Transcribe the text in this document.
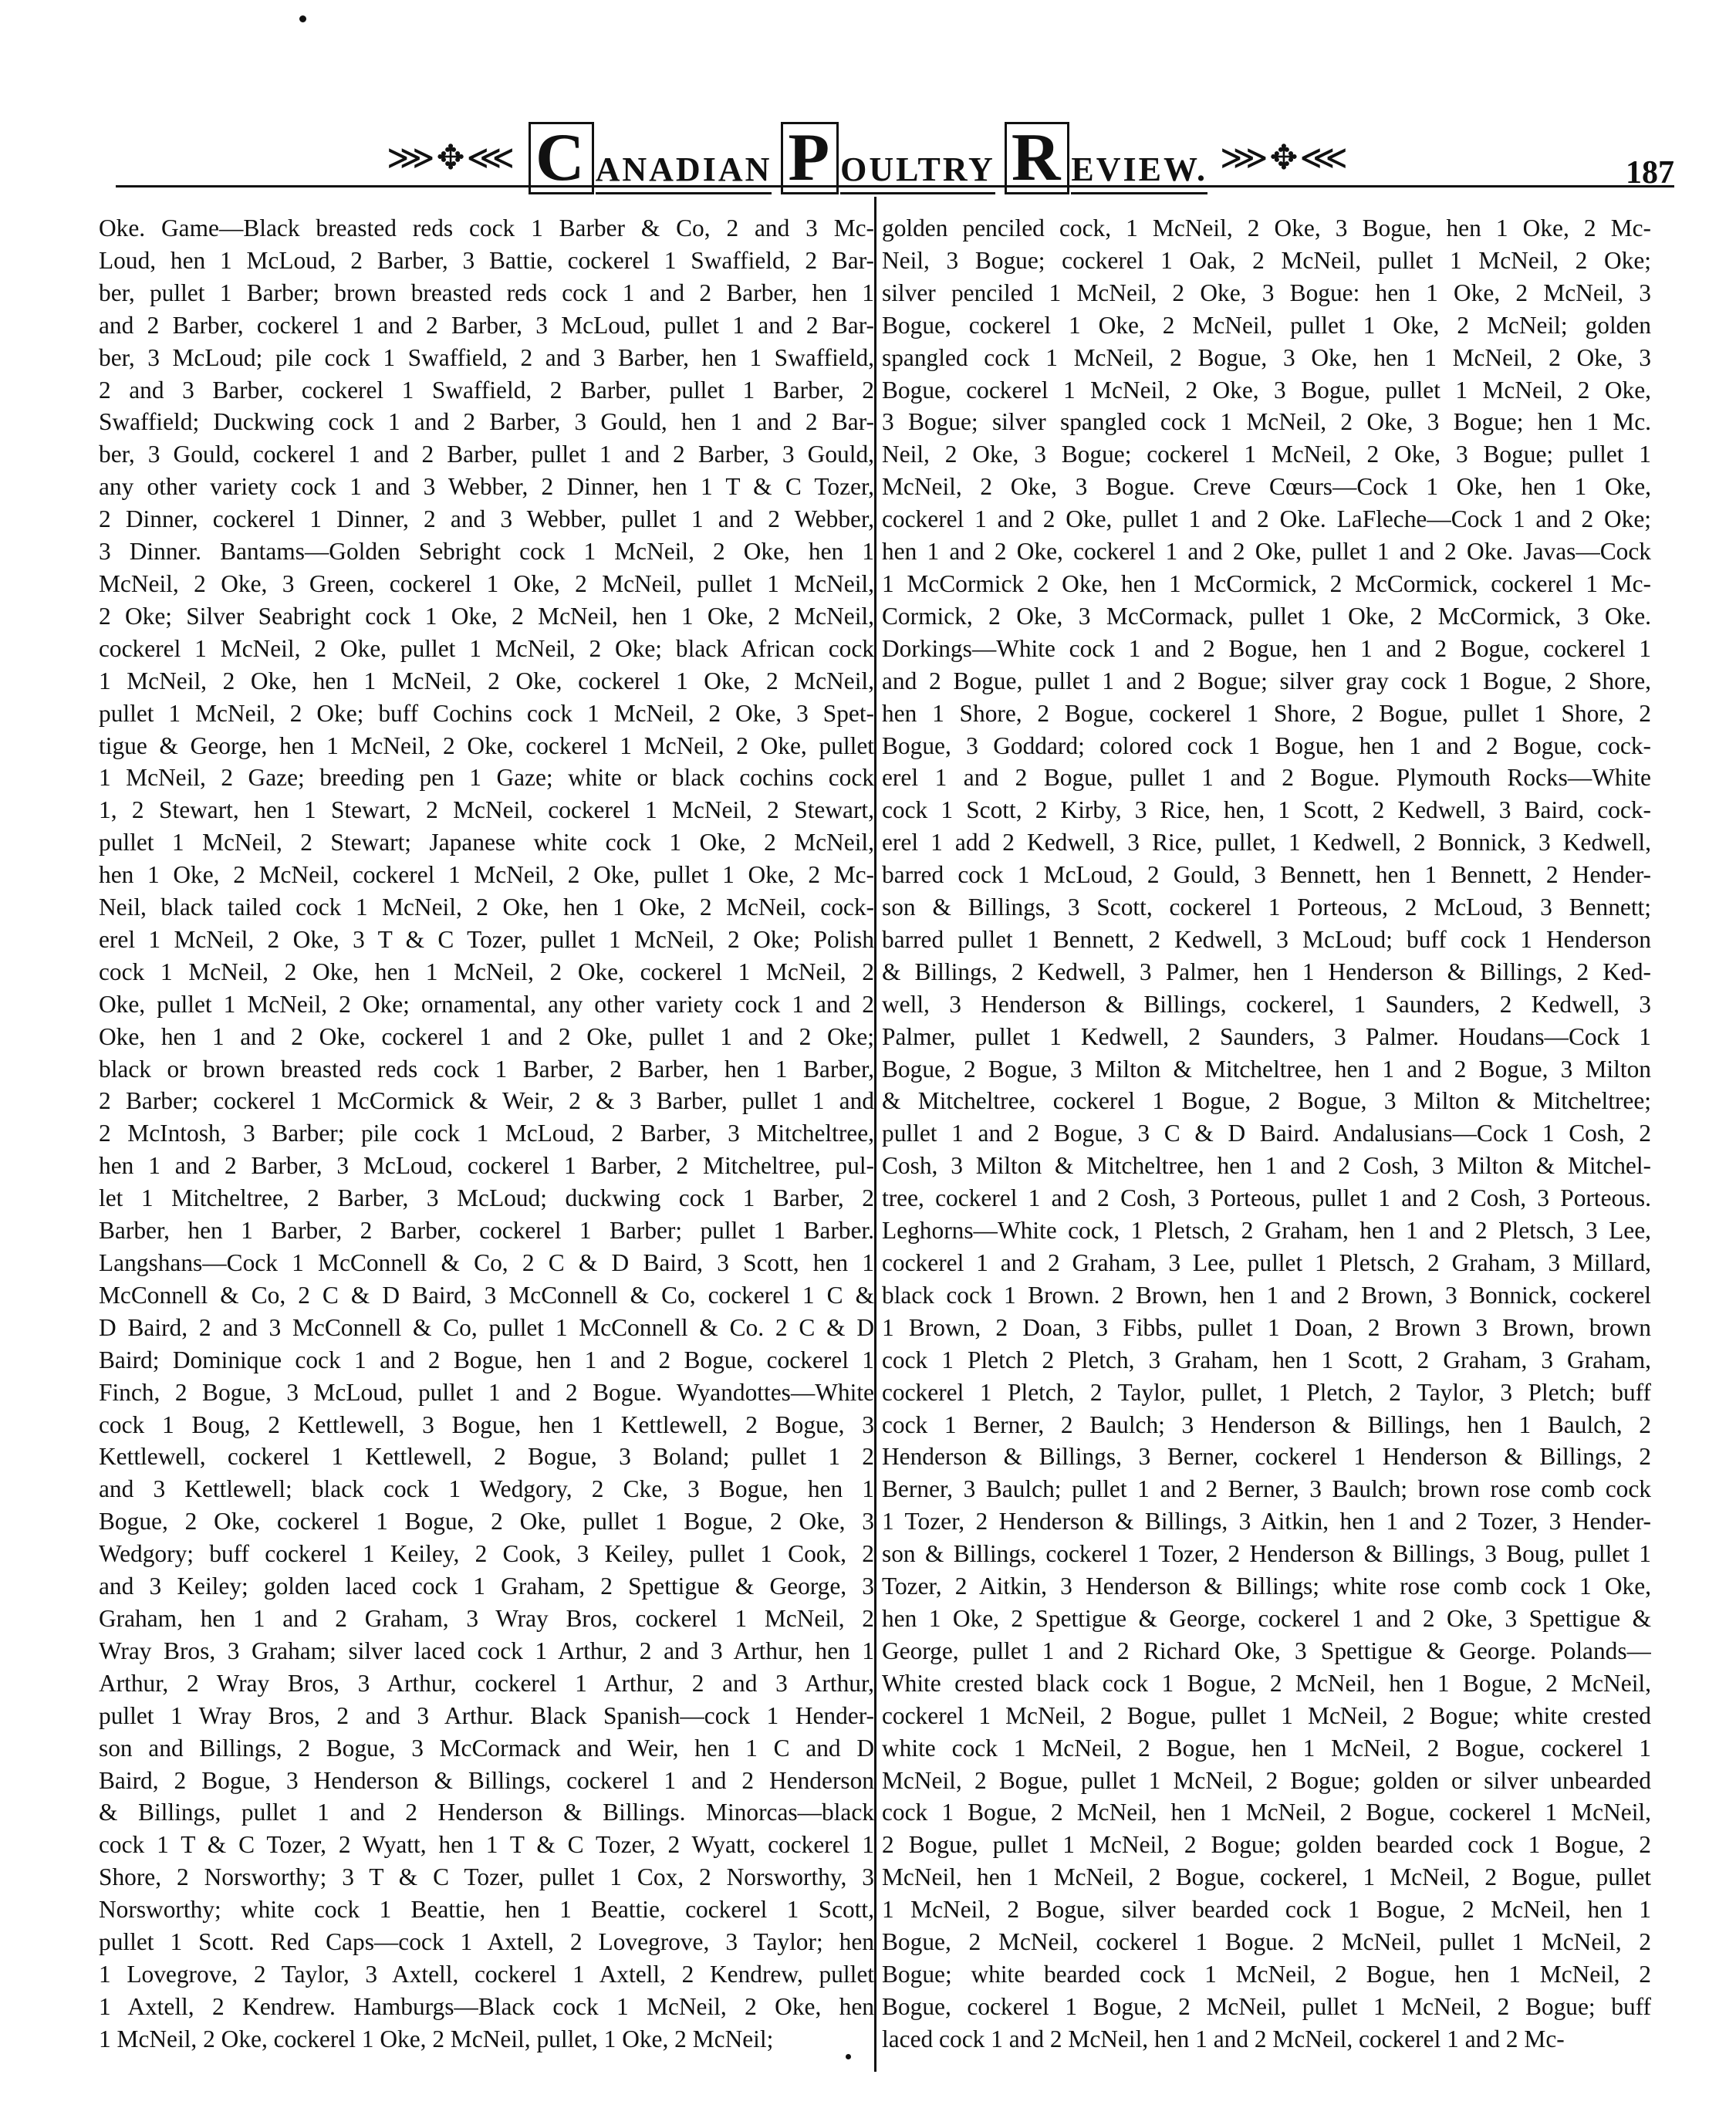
⋙✥⋘ C ANADIAN P OULTRY R EVIEW. ⋙✥⋘	187
Oke. Game—Black breasted reds cock 1 Barber & Co, 2 and 3 Mc-
Loud, hen 1 McLoud, 2 Barber, 3 Battie, cockerel 1 Swaffield, 2 Bar-
ber, pullet 1 Barber; brown breasted reds cock 1 and 2 Barber, hen 1
and 2 Barber, cockerel 1 and 2 Barber, 3 McLoud, pullet 1 and 2 Bar-
ber, 3 McLoud; pile cock 1 Swaffield, 2 and 3 Barber, hen 1 Swaffield,
2 and 3 Barber, cockerel 1 Swaffield, 2 Barber, pullet 1 Barber, 2
Swaffield; Duckwing cock 1 and 2 Barber, 3 Gould, hen 1 and 2 Bar-
ber, 3 Gould, cockerel 1 and 2 Barber, pullet 1 and 2 Barber, 3 Gould,
any other variety cock 1 and 3 Webber, 2 Dinner, hen 1 T & C Tozer,
2 Dinner, cockerel 1 Dinner, 2 and 3 Webber, pullet 1 and 2 Webber,
3 Dinner. Bantams—Golden Sebright cock 1 McNeil, 2 Oke, hen 1
McNeil, 2 Oke, 3 Green, cockerel 1 Oke, 2 McNeil, pullet 1 McNeil,
2 Oke; Silver Seabright cock 1 Oke, 2 McNeil, hen 1 Oke, 2 McNeil,
cockerel 1 McNeil, 2 Oke, pullet 1 McNeil, 2 Oke; black African cock
1 McNeil, 2 Oke, hen 1 McNeil, 2 Oke, cockerel 1 Oke, 2 McNeil,
pullet 1 McNeil, 2 Oke; buff Cochins cock 1 McNeil, 2 Oke, 3 Spet-
tigue & George, hen 1 McNeil, 2 Oke, cockerel 1 McNeil, 2 Oke, pullet
1 McNeil, 2 Gaze; breeding pen 1 Gaze; white or black cochins cock
1, 2 Stewart, hen 1 Stewart, 2 McNeil, cockerel 1 McNeil, 2 Stewart,
pullet 1 McNeil, 2 Stewart; Japanese white cock 1 Oke, 2 McNeil,
hen 1 Oke, 2 McNeil, cockerel 1 McNeil, 2 Oke, pullet 1 Oke, 2 Mc-
Neil, black tailed cock 1 McNeil, 2 Oke, hen 1 Oke, 2 McNeil, cock-
erel 1 McNeil, 2 Oke, 3 T & C Tozer, pullet 1 McNeil, 2 Oke; Polish
cock 1 McNeil, 2 Oke, hen 1 McNeil, 2 Oke, cockerel 1 McNeil, 2
Oke, pullet 1 McNeil, 2 Oke; ornamental, any other variety cock 1 and 2
Oke, hen 1 and 2 Oke, cockerel 1 and 2 Oke, pullet 1 and 2 Oke;
black or brown breasted reds cock 1 Barber, 2 Barber, hen 1 Barber,
2 Barber; cockerel 1 McCormick & Weir, 2 & 3 Barber, pullet 1 and
2 McIntosh, 3 Barber; pile cock 1 McLoud, 2 Barber, 3 Mitcheltree,
hen 1 and 2 Barber, 3 McLoud, cockerel 1 Barber, 2 Mitcheltree, pul-
let 1 Mitcheltree, 2 Barber, 3 McLoud; duckwing cock 1 Barber, 2
Barber, hen 1 Barber, 2 Barber, cockerel 1 Barber; pullet 1 Barber.
Langshans—Cock 1 McConnell & Co, 2 C & D Baird, 3 Scott, hen 1
McConnell & Co, 2 C & D Baird, 3 McConnell & Co, cockerel 1 C &
D Baird, 2 and 3 McConnell & Co, pullet 1 McConnell & Co. 2 C & D
Baird; Dominique cock 1 and 2 Bogue, hen 1 and 2 Bogue, cockerel 1
Finch, 2 Bogue, 3 McLoud, pullet 1 and 2 Bogue. Wyandottes—White
cock 1 Boug, 2 Kettlewell, 3 Bogue, hen 1 Kettlewell, 2 Bogue, 3
Kettlewell, cockerel 1 Kettlewell, 2 Bogue, 3 Boland; pullet 1 2
and 3 Kettlewell; black cock 1 Wedgory, 2 Cke, 3 Bogue, hen 1
Bogue, 2 Oke, cockerel 1 Bogue, 2 Oke, pullet 1 Bogue, 2 Oke, 3
Wedgory; buff cockerel 1 Keiley, 2 Cook, 3 Keiley, pullet 1 Cook, 2
and 3 Keiley; golden laced cock 1 Graham, 2 Spettigue & George, 3
Graham, hen 1 and 2 Graham, 3 Wray Bros, cockerel 1 McNeil, 2
Wray Bros, 3 Graham; silver laced cock 1 Arthur, 2 and 3 Arthur, hen 1
Arthur, 2 Wray Bros, 3 Arthur, cockerel 1 Arthur, 2 and 3 Arthur,
pullet 1 Wray Bros, 2 and 3 Arthur. Black Spanish—cock 1 Hender-
son and Billings, 2 Bogue, 3 McCormack and Weir, hen 1 C and D
Baird, 2 Bogue, 3 Henderson & Billings, cockerel 1 and 2 Henderson
& Billings, pullet 1 and 2 Henderson & Billings. Minorcas—black
cock 1 T & C Tozer, 2 Wyatt, hen 1 T & C Tozer, 2 Wyatt, cockerel 1
Shore, 2 Norsworthy; 3 T & C Tozer, pullet 1 Cox, 2 Norsworthy, 3
Norsworthy; white cock 1 Beattie, hen 1 Beattie, cockerel 1 Scott,
pullet 1 Scott. Red Caps—cock 1 Axtell, 2 Lovegrove, 3 Taylor; hen
1 Lovegrove, 2 Taylor, 3 Axtell, cockerel 1 Axtell, 2 Kendrew, pullet
1 Axtell, 2 Kendrew. Hamburgs—Black cock 1 McNeil, 2 Oke, hen
1 McNeil, 2 Oke, cockerel 1 Oke, 2 McNeil, pullet, 1 Oke, 2 McNeil;
golden penciled cock, 1 McNeil, 2 Oke, 3 Bogue, hen 1 Oke, 2 Mc-
Neil, 3 Bogue; cockerel 1 Oak, 2 McNeil, pullet 1 McNeil, 2 Oke;
silver penciled 1 McNeil, 2 Oke, 3 Bogue: hen 1 Oke, 2 McNeil, 3
Bogue, cockerel 1 Oke, 2 McNeil, pullet 1 Oke, 2 McNeil; golden
spangled cock 1 McNeil, 2 Bogue, 3 Oke, hen 1 McNeil, 2 Oke, 3
Bogue, cockerel 1 McNeil, 2 Oke, 3 Bogue, pullet 1 McNeil, 2 Oke,
3 Bogue; silver spangled cock 1 McNeil, 2 Oke, 3 Bogue; hen 1 Mc.
Neil, 2 Oke, 3 Bogue; cockerel 1 McNeil, 2 Oke, 3 Bogue; pullet 1
McNeil, 2 Oke, 3 Bogue. Creve Cœurs—Cock 1 Oke, hen 1 Oke,
cockerel 1 and 2 Oke, pullet 1 and 2 Oke. LaFleche—Cock 1 and 2 Oke;
hen 1 and 2 Oke, cockerel 1 and 2 Oke, pullet 1 and 2 Oke. Javas—Cock
1 McCormick 2 Oke, hen 1 McCormick, 2 McCormick, cockerel 1 Mc-
Cormick, 2 Oke, 3 McCormack, pullet 1 Oke, 2 McCormick, 3 Oke.
Dorkings—White cock 1 and 2 Bogue, hen 1 and 2 Bogue, cockerel 1
and 2 Bogue, pullet 1 and 2 Bogue; silver gray cock 1 Bogue, 2 Shore,
hen 1 Shore, 2 Bogue, cockerel 1 Shore, 2 Bogue, pullet 1 Shore, 2
Bogue, 3 Goddard; colored cock 1 Bogue, hen 1 and 2 Bogue, cock-
erel 1 and 2 Bogue, pullet 1 and 2 Bogue. Plymouth Rocks—White
cock 1 Scott, 2 Kirby, 3 Rice, hen, 1 Scott, 2 Kedwell, 3 Baird, cock-
erel 1 add 2 Kedwell, 3 Rice, pullet, 1 Kedwell, 2 Bonnick, 3 Kedwell,
barred cock 1 McLoud, 2 Gould, 3 Bennett, hen 1 Bennett, 2 Hender-
son & Billings, 3 Scott, cockerel 1 Porteous, 2 McLoud, 3 Bennett;
barred pullet 1 Bennett, 2 Kedwell, 3 McLoud; buff cock 1 Henderson
& Billings, 2 Kedwell, 3 Palmer, hen 1 Henderson & Billings, 2 Ked-
well, 3 Henderson & Billings, cockerel, 1 Saunders, 2 Kedwell, 3
Palmer, pullet 1 Kedwell, 2 Saunders, 3 Palmer. Houdans—Cock 1
Bogue, 2 Bogue, 3 Milton & Mitcheltree, hen 1 and 2 Bogue, 3 Milton
& Mitcheltree, cockerel 1 Bogue, 2 Bogue, 3 Milton & Mitcheltree;
pullet 1 and 2 Bogue, 3 C & D Baird. Andalusians—Cock 1 Cosh, 2
Cosh, 3 Milton & Mitcheltree, hen 1 and 2 Cosh, 3 Milton & Mitchel-
tree, cockerel 1 and 2 Cosh, 3 Porteous, pullet 1 and 2 Cosh, 3 Porteous.
Leghorns—White cock, 1 Pletsch, 2 Graham, hen 1 and 2 Pletsch, 3 Lee,
cockerel 1 and 2 Graham, 3 Lee, pullet 1 Pletsch, 2 Graham, 3 Millard,
black cock 1 Brown. 2 Brown, hen 1 and 2 Brown, 3 Bonnick, cockerel
1 Brown, 2 Doan, 3 Fibbs, pullet 1 Doan, 2 Brown 3 Brown, brown
cock 1 Pletch 2 Pletch, 3 Graham, hen 1 Scott, 2 Graham, 3 Graham,
cockerel 1 Pletch, 2 Taylor, pullet, 1 Pletch, 2 Taylor, 3 Pletch; buff
cock 1 Berner, 2 Baulch; 3 Henderson & Billings, hen 1 Baulch, 2
Henderson & Billings, 3 Berner, cockerel 1 Henderson & Billings, 2
Berner, 3 Baulch; pullet 1 and 2 Berner, 3 Baulch; brown rose comb cock
1 Tozer, 2 Henderson & Billings, 3 Aitkin, hen 1 and 2 Tozer, 3 Hender-
son & Billings, cockerel 1 Tozer, 2 Henderson & Billings, 3 Boug, pullet 1
Tozer, 2 Aitkin, 3 Henderson & Billings; white rose comb cock 1 Oke,
hen 1 Oke, 2 Spettigue & George, cockerel 1 and 2 Oke, 3 Spettigue &
George, pullet 1 and 2 Richard Oke, 3 Spettigue & George. Polands—
White crested black cock 1 Bogue, 2 McNeil, hen 1 Bogue, 2 McNeil,
cockerel 1 McNeil, 2 Bogue, pullet 1 McNeil, 2 Bogue; white crested
white cock 1 McNeil, 2 Bogue, hen 1 McNeil, 2 Bogue, cockerel 1
McNeil, 2 Bogue, pullet 1 McNeil, 2 Bogue; golden or silver unbearded
cock 1 Bogue, 2 McNeil, hen 1 McNeil, 2 Bogue, cockerel 1 McNeil,
2 Bogue, pullet 1 McNeil, 2 Bogue; golden bearded cock 1 Bogue, 2
McNeil, hen 1 McNeil, 2 Bogue, cockerel, 1 McNeil, 2 Bogue, pullet
1 McNeil, 2 Bogue, silver bearded cock 1 Bogue, 2 McNeil, hen 1
Bogue, 2 McNeil, cockerel 1 Bogue. 2 McNeil, pullet 1 McNeil, 2
Bogue; white bearded cock 1 McNeil, 2 Bogue, hen 1 McNeil, 2
Bogue, cockerel 1 Bogue, 2 McNeil, pullet 1 McNeil, 2 Bogue; buff
laced cock 1 and 2 McNeil, hen 1 and 2 McNeil, cockerel 1 and 2 Mc-
